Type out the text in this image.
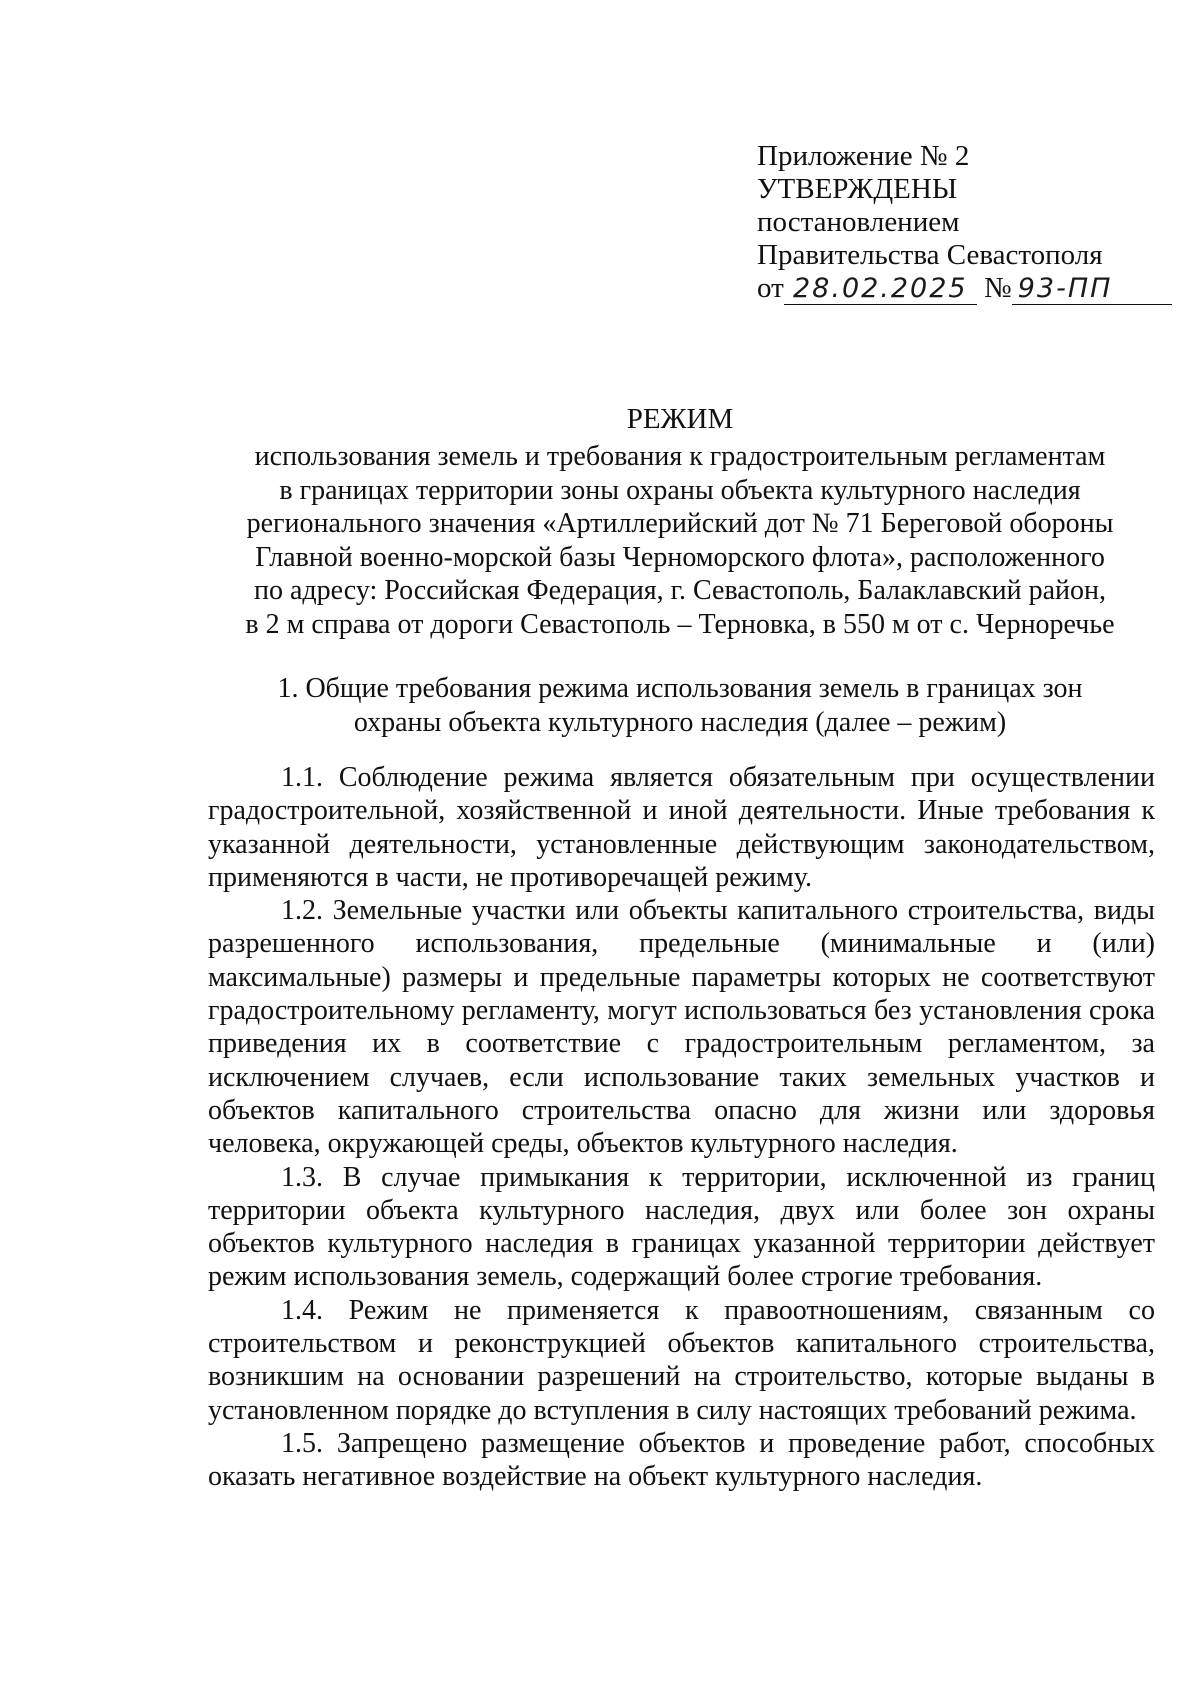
Приложение № 2
УТВЕРЖДЕНЫ
постановлением
Правительства Севастополя
от 28.02.2025 № 93-ПП
РЕЖИМ
использования земель и требования к градостроительным регламентам
в границах территории зоны охраны объекта культурного наследия
регионального значения «Артиллерийский дот № 71 Береговой обороны
Главной военно-морской базы Черноморского флота», расположенного
по адресу: Российская Федерация, г. Севастополь, Балаклавский район,
в 2 м справа от дороги Севастополь – Терновка, в 550 м от с. Черноречье
1. Общие требования режима использования земель в границах зон
охраны объекта культурного наследия (далее – режим)

1.1. Соблюдение режима является обязательным при осуществлении градостроительной, хозяйственной и иной деятельности. Иные требования к указанной деятельности, установленные действующим законодательством, применяются в части, не противоречащей режиму.

1.2. Земельные участки или объекты капитального строительства, виды разрешенного использования, предельные (минимальные и (или) максимальные) размеры и предельные параметры которых не соответствуют градостроительному регламенту, могут использоваться без установления срока приведения их в соответствие с градостроительным регламентом, за исключением случаев, если использование таких земельных участков и объектов капитального строительства опасно для жизни или здоровья человека, окружающей среды, объектов культурного наследия.

1.3. В случае примыкания к территории, исключенной из границ территории объекта культурного наследия, двух или более зон охраны объектов культурного наследия в границах указанной территории действует режим использования земель, содержащий более строгие требования.

1.4. Режим не применяется к правоотношениям, связанным со строительством и реконструкцией объектов капитального строительства, возникшим на основании разрешений на строительство, которые выданы в установленном порядке до вступления в силу настоящих требований режима.

1.5. Запрещено размещение объектов и проведение работ, способных оказать негативное воздействие на объект культурного наследия.
